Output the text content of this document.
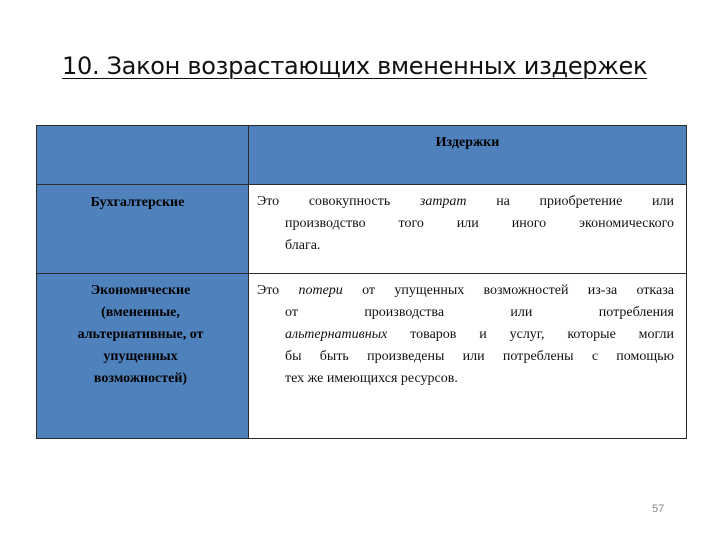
10. Закон возрастающих вмененных издержек

	Издержки

Бухгалтерские	Это совокупность затрат на приобретение или
производство того или иного экономического
блага.

Экономические
(вмененные,
альтернативные, от
упущенных
возможностей)	Это потери от упущенных возможностей из-за отказа
от производства или потребления
альтернативных товаров и услуг, которые могли
бы быть произведены или потреблены с помощью
тех же имеющихся ресурсов.
57
